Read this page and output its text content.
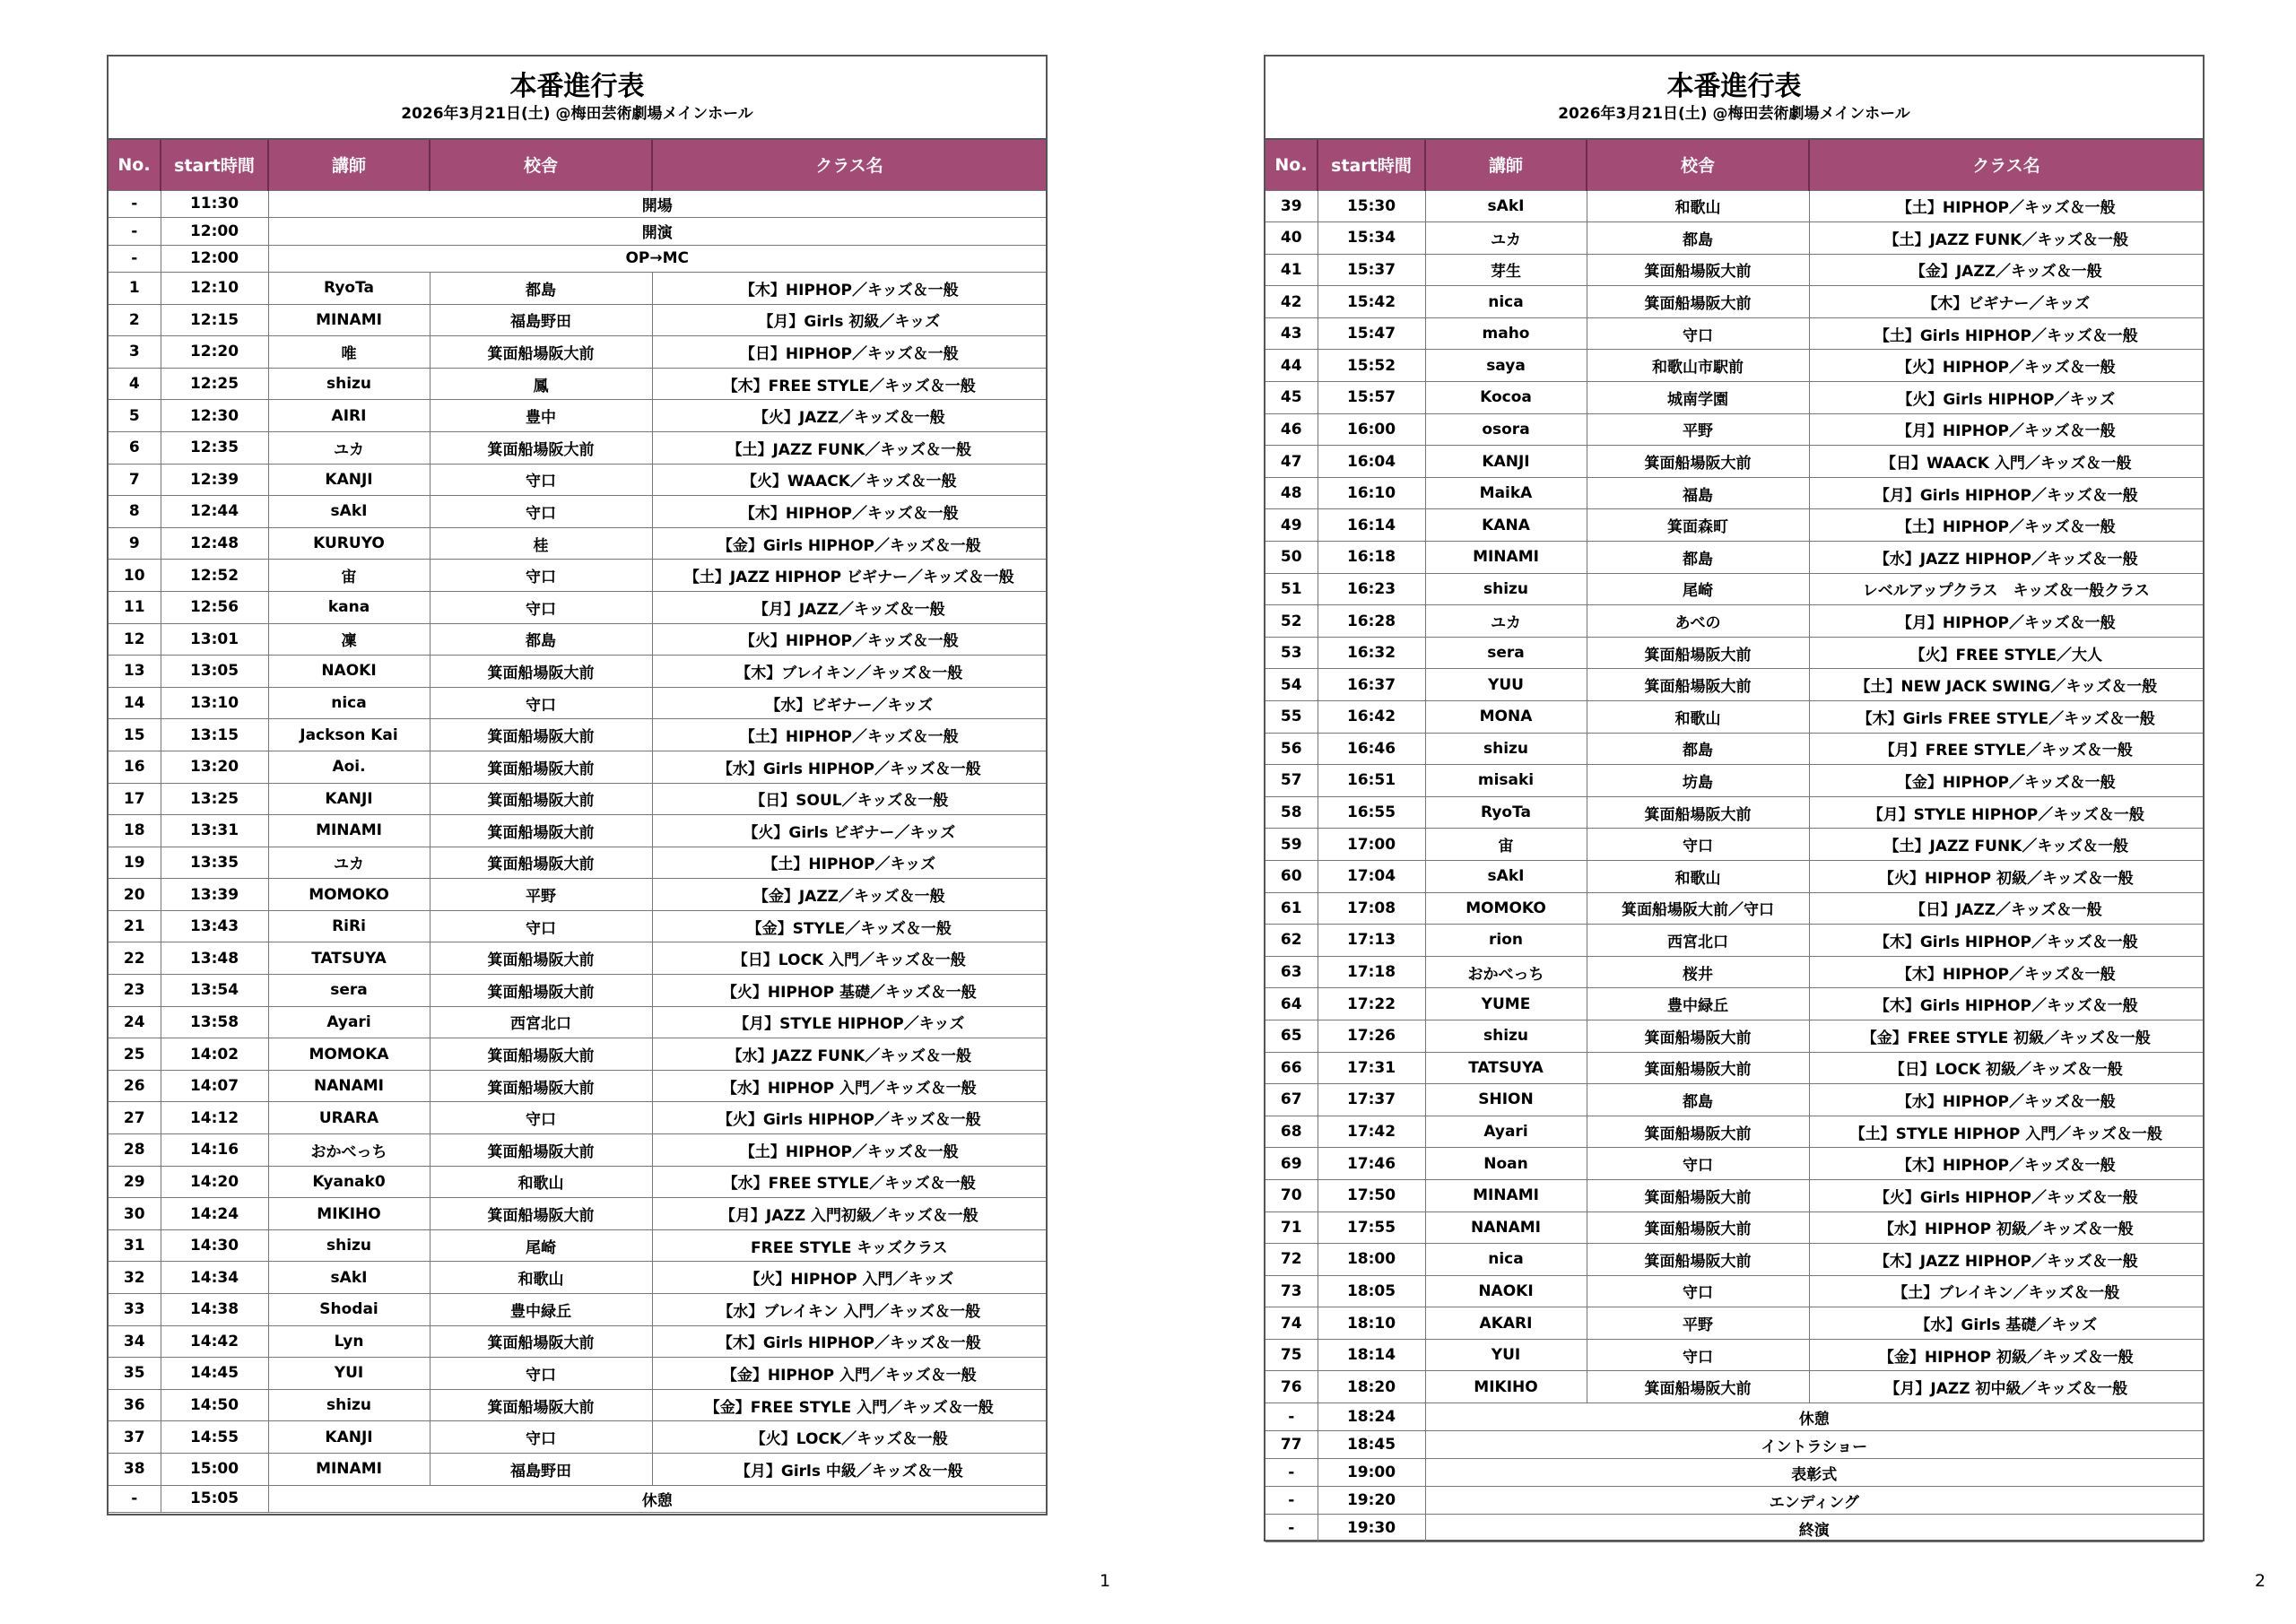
本番進行表
2026年3月21日(土) @梅田芸術劇場メインホール
No.	start時間	講師	校舎	クラス名
-	11:30	開場		
-	12:00	開演		
-	12:00	OP→MC		
1	12:10	RyoTa	都島	【木】HIPHOP／キッズ＆一般
2	12:15	MINAMI	福島野田	【月】Girls 初級／キッズ
3	12:20	唯	箕面船場阪大前	【日】HIPHOP／キッズ＆一般
4	12:25	shizu	鳳	【木】FREE STYLE／キッズ＆一般
5	12:30	AIRI	豊中	【火】JAZZ／キッズ＆一般
6	12:35	ユカ	箕面船場阪大前	【土】JAZZ FUNK／キッズ＆一般
7	12:39	KANJI	守口	【火】WAACK／キッズ＆一般
8	12:44	sAkI	守口	【木】HIPHOP／キッズ＆一般
9	12:48	KURUYO	桂	【金】Girls HIPHOP／キッズ＆一般
10	12:52	宙	守口	【土】JAZZ HIPHOP ビギナー／キッズ＆一般
11	12:56	kana	守口	【月】JAZZ／キッズ＆一般
12	13:01	凜	都島	【火】HIPHOP／キッズ＆一般
13	13:05	NAOKI	箕面船場阪大前	【木】ブレイキン／キッズ＆一般
14	13:10	nica	守口	【水】ビギナー／キッズ
15	13:15	Jackson Kai	箕面船場阪大前	【土】HIPHOP／キッズ＆一般
16	13:20	Aoi.	箕面船場阪大前	【水】Girls HIPHOP／キッズ＆一般
17	13:25	KANJI	箕面船場阪大前	【日】SOUL／キッズ＆一般
18	13:31	MINAMI	箕面船場阪大前	【火】Girls ビギナー／キッズ
19	13:35	ユカ	箕面船場阪大前	【土】HIPHOP／キッズ
20	13:39	MOMOKO	平野	【金】JAZZ／キッズ＆一般
21	13:43	RiRi	守口	【金】STYLE／キッズ＆一般
22	13:48	TATSUYA	箕面船場阪大前	【日】LOCK 入門／キッズ＆一般
23	13:54	sera	箕面船場阪大前	【火】HIPHOP 基礎／キッズ＆一般
24	13:58	Ayari	西宮北口	【月】STYLE HIPHOP／キッズ
25	14:02	MOMOKA	箕面船場阪大前	【水】JAZZ FUNK／キッズ＆一般
26	14:07	NANAMI	箕面船場阪大前	【水】HIPHOP 入門／キッズ＆一般
27	14:12	URARA	守口	【火】Girls HIPHOP／キッズ＆一般
28	14:16	おかべっち	箕面船場阪大前	【土】HIPHOP／キッズ＆一般
29	14:20	Kyanak0	和歌山	【水】FREE STYLE／キッズ＆一般
30	14:24	MIKIHO	箕面船場阪大前	【月】JAZZ 入門初級／キッズ＆一般
31	14:30	shizu	尾崎	FREE STYLE キッズクラス
32	14:34	sAkI	和歌山	【火】HIPHOP 入門／キッズ
33	14:38	Shodai	豊中緑丘	【水】ブレイキン 入門／キッズ＆一般
34	14:42	Lyn	箕面船場阪大前	【木】Girls HIPHOP／キッズ＆一般
35	14:45	YUI	守口	【金】HIPHOP 入門／キッズ＆一般
36	14:50	shizu	箕面船場阪大前	【金】FREE STYLE 入門／キッズ＆一般
37	14:55	KANJI	守口	【火】LOCK／キッズ＆一般
38	15:00	MINAMI	福島野田	【月】Girls 中級／キッズ＆一般
-	15:05	休憩		
本番進行表
2026年3月21日(土) @梅田芸術劇場メインホール
No.	start時間	講師	校舎	クラス名
39	15:30	sAkI	和歌山	【土】HIPHOP／キッズ＆一般
40	15:34	ユカ	都島	【土】JAZZ FUNK／キッズ＆一般
41	15:37	芽生	箕面船場阪大前	【金】JAZZ／キッズ＆一般
42	15:42	nica	箕面船場阪大前	【木】ビギナー／キッズ
43	15:47	maho	守口	【土】Girls HIPHOP／キッズ＆一般
44	15:52	saya	和歌山市駅前	【火】HIPHOP／キッズ＆一般
45	15:57	Kocoa	城南学園	【火】Girls HIPHOP／キッズ
46	16:00	osora	平野	【月】HIPHOP／キッズ＆一般
47	16:04	KANJI	箕面船場阪大前	【日】WAACK 入門／キッズ＆一般
48	16:10	MaikA	福島	【月】Girls HIPHOP／キッズ＆一般
49	16:14	KANA	箕面森町	【土】HIPHOP／キッズ＆一般
50	16:18	MINAMI	都島	【水】JAZZ HIPHOP／キッズ＆一般
51	16:23	shizu	尾崎	レベルアップクラス　キッズ＆一般クラス
52	16:28	ユカ	あべの	【月】HIPHOP／キッズ＆一般
53	16:32	sera	箕面船場阪大前	【火】FREE STYLE／大人
54	16:37	YUU	箕面船場阪大前	【土】NEW JACK SWING／キッズ＆一般
55	16:42	MONA	和歌山	【木】Girls FREE STYLE／キッズ＆一般
56	16:46	shizu	都島	【月】FREE STYLE／キッズ＆一般
57	16:51	misaki	坊島	【金】HIPHOP／キッズ＆一般
58	16:55	RyoTa	箕面船場阪大前	【月】STYLE HIPHOP／キッズ＆一般
59	17:00	宙	守口	【土】JAZZ FUNK／キッズ＆一般
60	17:04	sAkI	和歌山	【火】HIPHOP 初級／キッズ＆一般
61	17:08	MOMOKO	箕面船場阪大前／守口	【日】JAZZ／キッズ＆一般
62	17:13	rion	西宮北口	【木】Girls HIPHOP／キッズ＆一般
63	17:18	おかべっち	桜井	【木】HIPHOP／キッズ＆一般
64	17:22	YUME	豊中緑丘	【木】Girls HIPHOP／キッズ＆一般
65	17:26	shizu	箕面船場阪大前	【金】FREE STYLE 初級／キッズ＆一般
66	17:31	TATSUYA	箕面船場阪大前	【日】LOCK 初級／キッズ＆一般
67	17:37	SHION	都島	【水】HIPHOP／キッズ＆一般
68	17:42	Ayari	箕面船場阪大前	【土】STYLE HIPHOP 入門／キッズ＆一般
69	17:46	Noan	守口	【木】HIPHOP／キッズ＆一般
70	17:50	MINAMI	箕面船場阪大前	【火】Girls HIPHOP／キッズ＆一般
71	17:55	NANAMI	箕面船場阪大前	【水】HIPHOP 初級／キッズ＆一般
72	18:00	nica	箕面船場阪大前	【木】JAZZ HIPHOP／キッズ＆一般
73	18:05	NAOKI	守口	【土】ブレイキン／キッズ＆一般
74	18:10	AKARI	平野	【水】Girls 基礎／キッズ
75	18:14	YUI	守口	【金】HIPHOP 初級／キッズ＆一般
76	18:20	MIKIHO	箕面船場阪大前	【月】JAZZ 初中級／キッズ＆一般
-	18:24	休憩		
77	18:45	イントラショー		
-	19:00	表彰式		
-	19:20	エンディング		
-	19:30	終演		
1	2
